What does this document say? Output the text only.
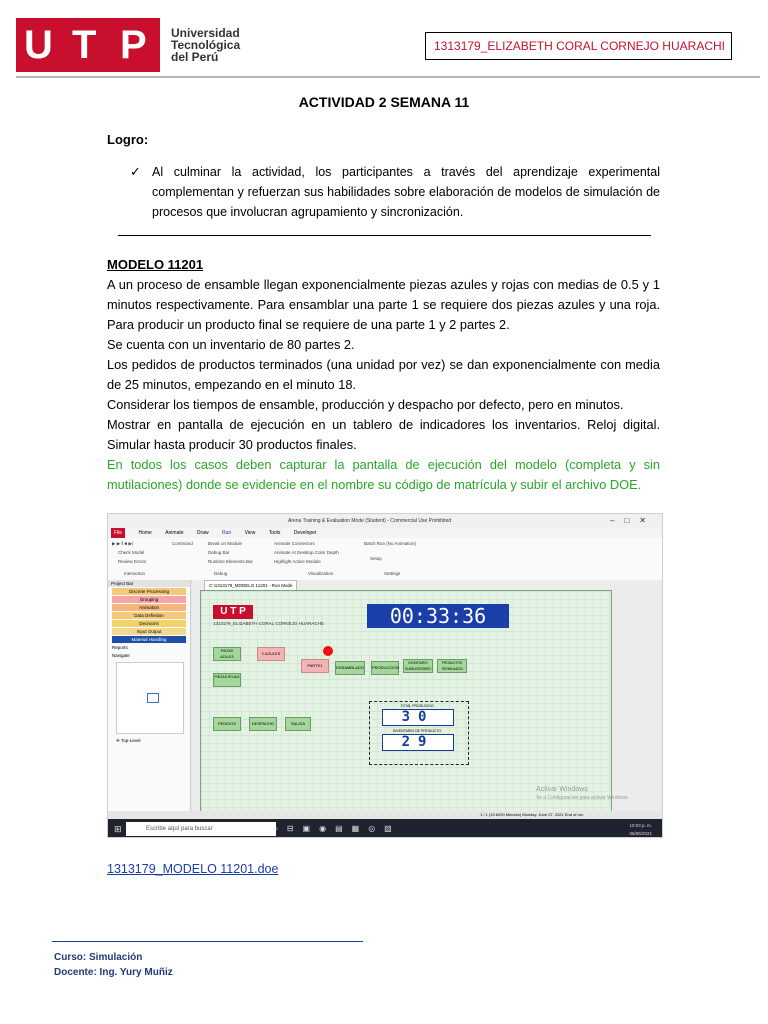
U T P Universidad
Tecnológica
del Perú
1313179_ELIZABETH CORAL CORNEJO HUARACHI
ACTIVIDAD 2 SEMANA 11
Logro:
✓ Al culminar la actividad, los participantes a través del aprendizaje experimental complementan y refuerzan sus habilidades sobre elaboración de modelos de simulación de procesos que involucran agrupamiento y sincronización.
MODELO 11201

A un proceso de ensamble llegan exponencialmente piezas azules y rojas con medias de 0.5 y 1 minutos respectivamente. Para ensamblar una parte 1 se requiere dos piezas azules y una roja. Para producir un producto final se requiere de una parte 1 y 2 partes 2.

Se cuenta con un inventario de 80 partes 2.

Los pedidos de productos terminados (una unidad por vez) se dan exponencialmente con media de 25 minutos, empezando en el minuto 18.

Considerar los tiempos de ensamble, producción y despacho por defecto, pero en minutos.

Mostrar en pantalla de ejecución en un tablero de indicadores los inventarios. Reloj digital. Simular hasta producir 30 productos finales.

En todos los casos deben capturar la pantalla de ejecución del modelo (completa y sin mutilaciones) donde se evidencie en el nombre su código de matrícula y subir el archivo DOE.

Arena Training & Evaluation Mode (Student) - Commercial Use Prohibited	–□✕
File	Home	Animate	Draw	Run	View	Tools	Developer
▶ ▶ ‖ ■ ▶|	Command	Break on Module
Check Model	Debug Bar
Review Errors	Runtime Elements Bar
Animate Connectors
Animate At Desktop Color Depth
Highlight Active Module
Batch Run (No Animation)
Setup
Interaction	Debug	Visualization	Settings
Project Bar
Discrete Processing
Grouping
Animation
Data Definition
Decisions
Input Output
Material Handling
Reports
Navigate
✚ Top-Level
C:\1313179_MODELO 11201 - Run Mode
U T P
1313179_ELIZABETH CORAL CORNEJO HUARACHE	00:33:36
PIEZAS AZULES
2 AZULES
PIEZAS ROJAS
PARTE1	ENSAMBLADO PRODUCCION
INVENTARIO SUBINVENTARIO
PRODUCTOS TERMINADOS
PEDIDOS	DESPACHO	SALIDA
TOTAL PRODUCIDO
30
INVENTARIO DE PRODUCTO
29
Activar Windows
Ve a Configuración para activar Windows.
1 / 1 (33.6090 Minutes) Monday, June 07, 2021 End of run
⊞	Escribe aquí para buscar	○⊟▣◉▤▦◎▧	10:03 p. m.
06/06/2021
1313179_MODELO 11201.doe
Curso: Simulación
Docente: Ing. Yury Muñiz
